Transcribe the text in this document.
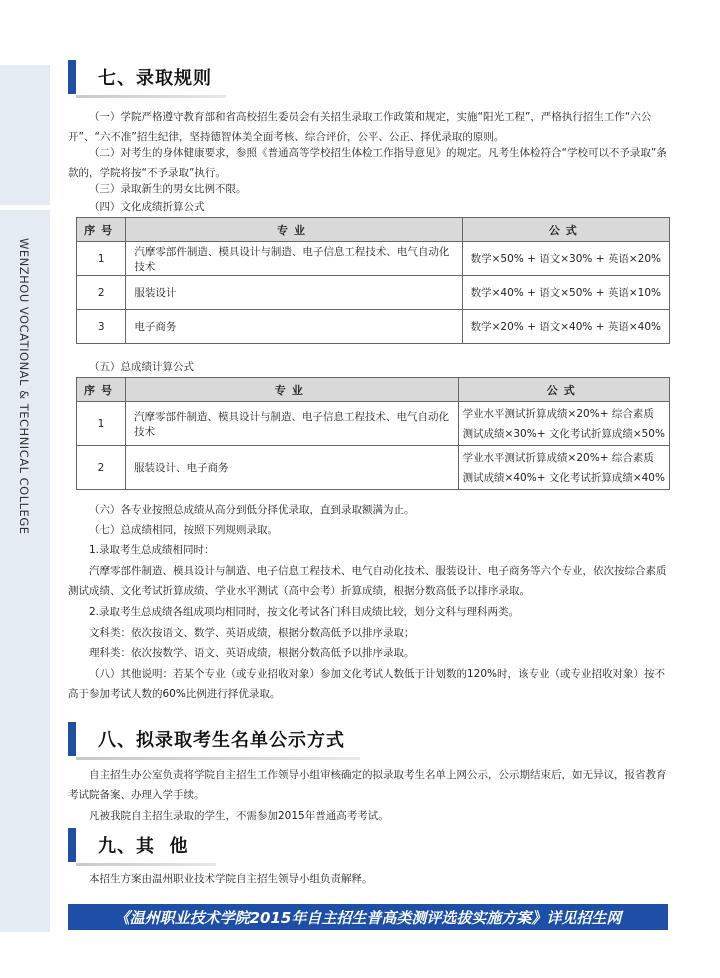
WENZHOU VOCATIONAL & TECHNICAL COLLEGE
七、录取规则

（一）学院严格遵守教育部和省高校招生委员会有关招生录取工作政策和规定，实施“阳光工程”，严格执行招生工作“六公开”、“六不准”招生纪律，坚持德智体美全面考核、综合评价，公平、公正、择优录取的原则。

（二）对考生的身体健康要求，参照《普通高等学校招生体检工作指导意见》的规定。凡考生体检符合“学校可以不予录取”条款的，学院将按“不予录取”执行。

（三）录取新生的男女比例不限。

（四）文化成绩折算公式

序号	专业	公式
1	汽摩零部件制造、模具设计与制造、电子信息工程技术、电气自动化技术	数学×50% + 语文×30% + 英语×20%
2	服装设计	数学×40% + 语文×50% + 英语×10%
3	电子商务	数学×20% + 语文×40% + 英语×40%

（五）总成绩计算公式

序号	专业	公式
1	汽摩零部件制造、模具设计与制造、电子信息工程技术、电气自动化技术	学业水平测试折算成绩×20%+ 综合素质
测试成绩×30%+ 文化考试折算成绩×50%

2	服装设计、电子商务	学业水平测试折算成绩×20%+ 综合素质
测试成绩×40%+ 文化考试折算成绩×40%

（六）各专业按照总成绩从高分到低分择优录取，直到录取额满为止。

（七）总成绩相同，按照下列规则录取。

1.录取考生总成绩相同时：

汽摩零部件制造、模具设计与制造、电子信息工程技术、电气自动化技术、服装设计、电子商务等六个专业，依次按综合素质测试成绩、文化考试折算成绩、学业水平测试（高中会考）折算成绩，根据分数高低予以排序录取。

2.录取考生总成绩各组成项均相同时，按文化考试各门科目成绩比较，划分文科与理科两类。

文科类：依次按语文、数学、英语成绩，根据分数高低予以排序录取；

理科类：依次按数学、语文、英语成绩，根据分数高低予以排序录取。

（八）其他说明：若某个专业（或专业招收对象）参加文化考试人数低于计划数的120%时，该专业（或专业招收对象）按不高于参加考试人数的60%比例进行择优录取。

八、拟录取考生名单公示方式

自主招生办公室负责将学院自主招生工作领导小组审核确定的拟录取考生名单上网公示，公示期结束后，如无异议，报省教育考试院备案、办理入学手续。

凡被我院自主招生录取的学生，不需参加2015年普通高考考试。

九、其  他

本招生方案由温州职业技术学院自主招生领导小组负责解释。

《温州职业技术学院2015年自主招生普高类测评选拔实施方案》详见招生网
